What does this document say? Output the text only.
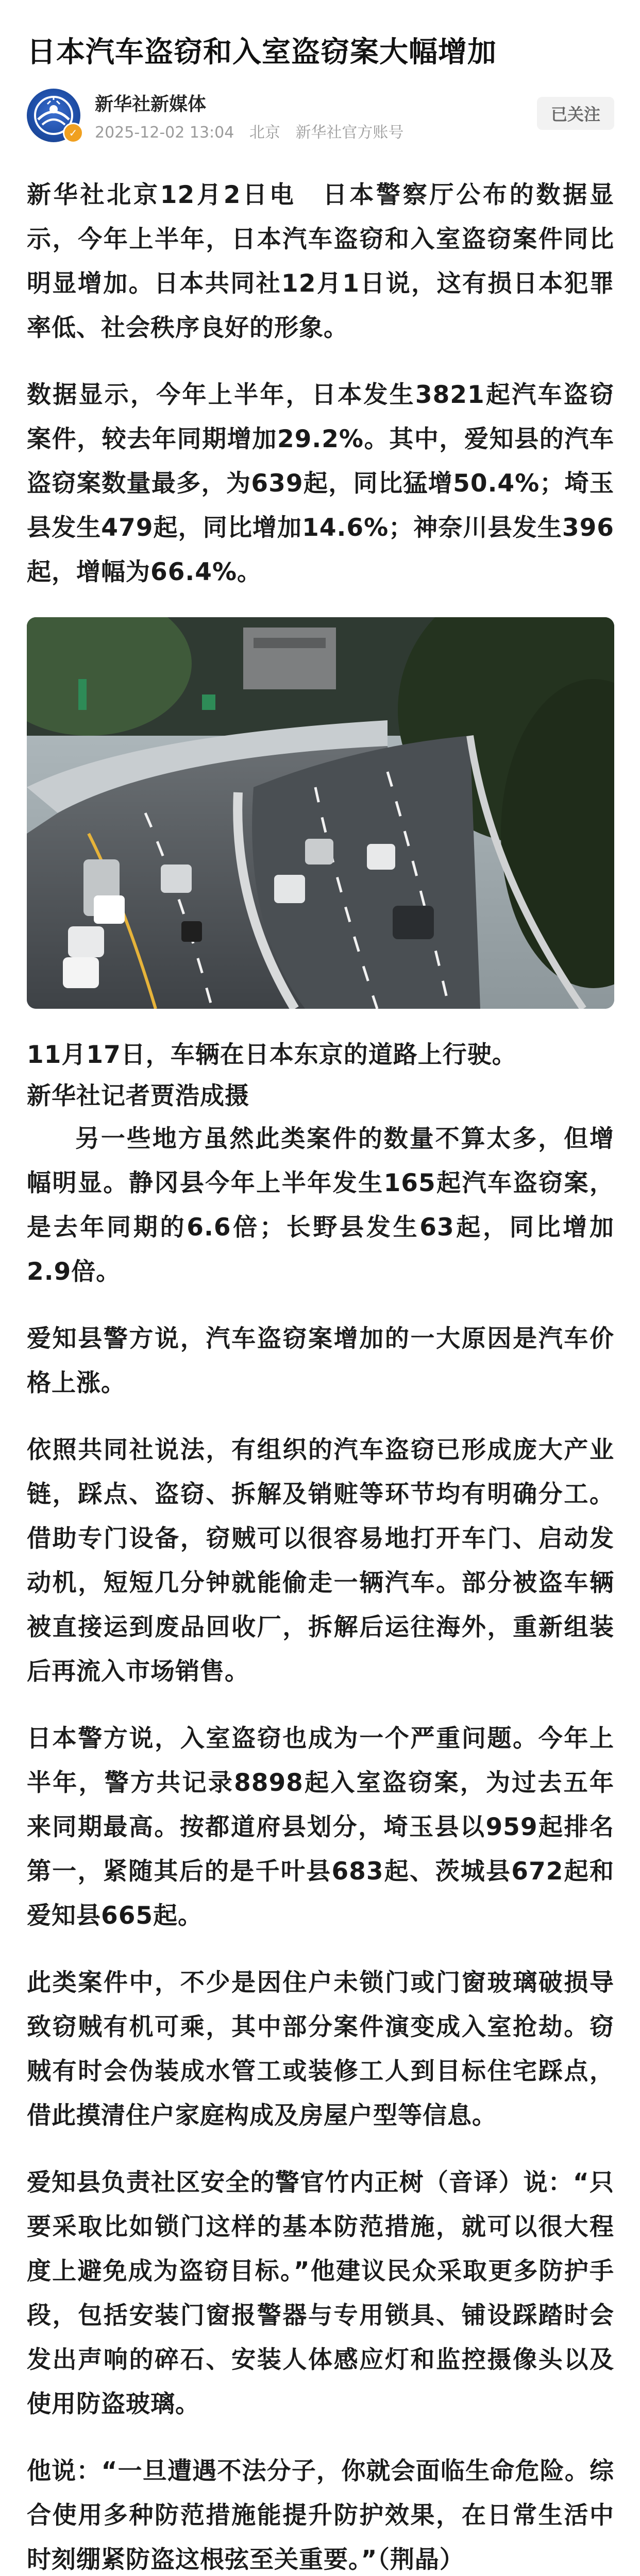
日本汽车盗窃和入室盗窃案大幅增加
✓
新华社新媒体
2025-12-02 13:04 北京 新华社官方账号
已关注

新华社北京12月2日电　日本警察厅公布的数据显示，今年上半年，日本汽车盗窃和入室盗窃案件同比明显增加。日本共同社12月1日说，这有损日本犯罪率低、社会秩序良好的形象。

数据显示，今年上半年，日本发生3821起汽车盗窃案件，较去年同期增加29.2%。其中，爱知县的汽车盗窃案数量最多，为639起，同比猛增50.4%；埼玉县发生479起，同比增加14.6%；神奈川县发生396起，增幅为66.4%。

11月17日，车辆在日本东京的道路上行驶。
新华社记者贾浩成摄

另一些地方虽然此类案件的数量不算太多，但增幅明显。静冈县今年上半年发生165起汽车盗窃案，是去年同期的6.6倍；长野县发生63起，同比增加2.9倍。

爱知县警方说，汽车盗窃案增加的一大原因是汽车价格上涨。

依照共同社说法，有组织的汽车盗窃已形成庞大产业链，踩点、盗窃、拆解及销赃等环节均有明确分工。借助专门设备，窃贼可以很容易地打开车门、启动发动机，短短几分钟就能偷走一辆汽车。部分被盗车辆被直接运到废品回收厂，拆解后运往海外，重新组装后再流入市场销售。

日本警方说，入室盗窃也成为一个严重问题。今年上半年，警方共记录8898起入室盗窃案，为过去五年来同期最高。按都道府县划分，埼玉县以959起排名第一，紧随其后的是千叶县683起、茨城县672起和爱知县665起。

此类案件中，不少是因住户未锁门或门窗玻璃破损导致窃贼有机可乘，其中部分案件演变成入室抢劫。窃贼有时会伪装成水管工或装修工人到目标住宅踩点，借此摸清住户家庭构成及房屋户型等信息。

爱知县负责社区安全的警官竹内正树（音译）说：“只要采取比如锁门这样的基本防范措施，就可以很大程度上避免成为盗窃目标。”他建议民众采取更多防护手段，包括安装门窗报警器与专用锁具、铺设踩踏时会发出声响的碎石、安装人体感应灯和监控摄像头以及使用防盗玻璃。

他说：“一旦遭遇不法分子，你就会面临生命危险。综合使用多种防范措施能提升防护效果，在日常生活中时刻绷紧防盗这根弦至关重要。”（荆晶）
